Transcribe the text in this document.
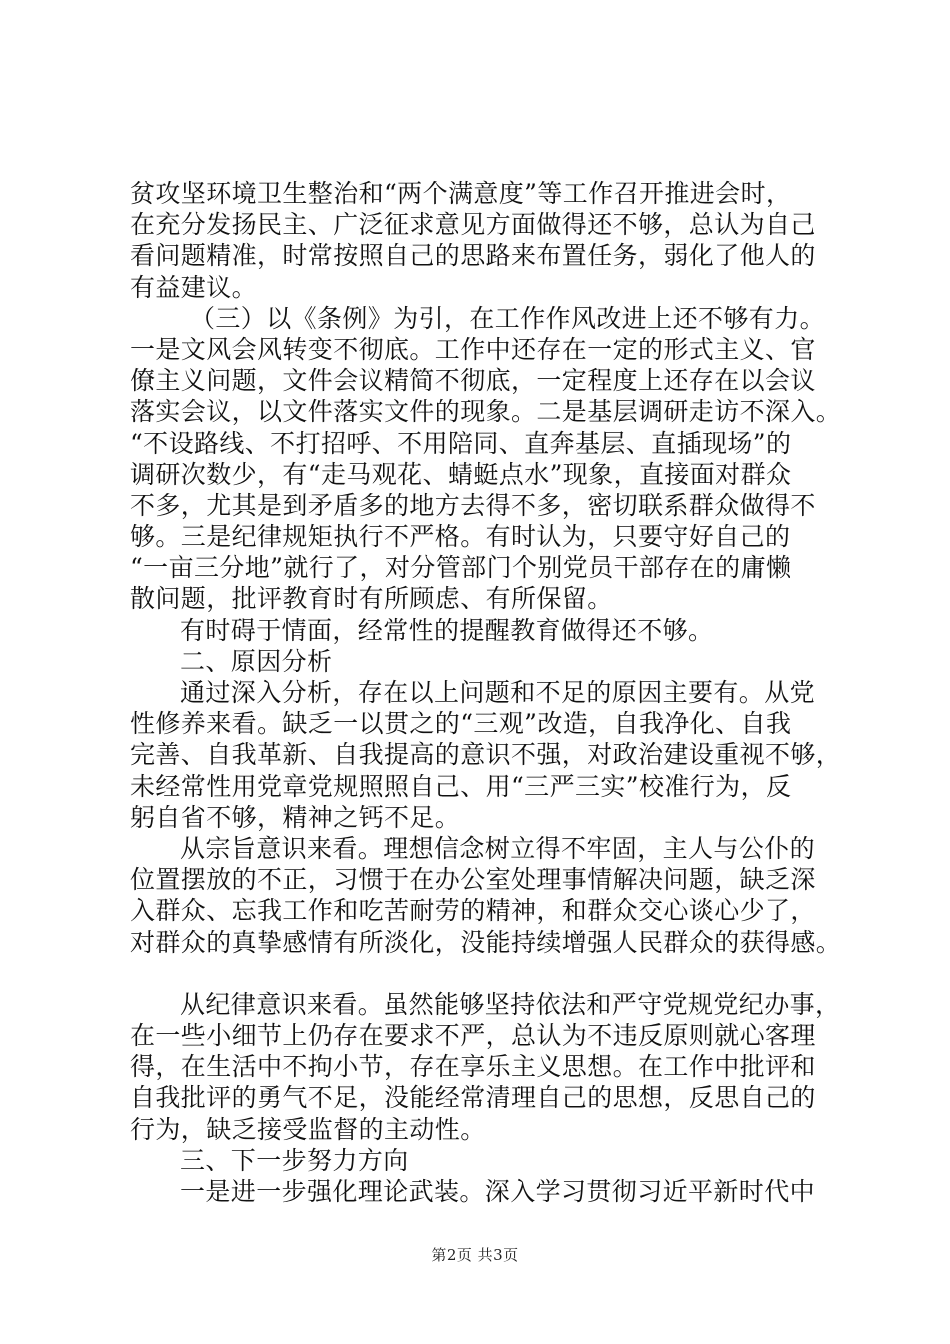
贫攻坚环境卫生整治和“两个满意度”等工作召开推进会时，
在充分发扬民主、广泛征求意见方面做得还不够，总认为自己
看问题精准，时常按照自己的思路来布置任务，弱化了他人的
有益建议。
（三）以《条例》为引，在工作作风改进上还不够有力。
一是文风会风转变不彻底。工作中还存在一定的形式主义、官
僚主义问题，文件会议精简不彻底，一定程度上还存在以会议
落实会议，以文件落实文件的现象。二是基层调研走访不深入。
“不设路线、不打招呼、不用陪同、直奔基层、直插现场”的
调研次数少，有“走马观花、蜻蜓点水”现象，直接面对群众
不多，尤其是到矛盾多的地方去得不多，密切联系群众做得不
够。三是纪律规矩执行不严格。有时认为，只要守好自己的
“一亩三分地”就行了，对分管部门个别党员干部存在的庸懒
散问题，批评教育时有所顾虑、有所保留。
有时碍于情面，经常性的提醒教育做得还不够。
二、原因分析
通过深入分析，存在以上问题和不足的原因主要有。从党
性修养来看。缺乏一以贯之的“三观”改造，自我净化、自我
完善、自我革新、自我提高的意识不强，对政治建设重视不够，
未经常性用党章党规照照自己、用“三严三实”校准行为，反
躬自省不够，精神之钙不足。
从宗旨意识来看。理想信念树立得不牢固，主人与公仆的
位置摆放的不正，习惯于在办公室处理事情解决问题，缺乏深
入群众、忘我工作和吃苦耐劳的精神，和群众交心谈心少了，
对群众的真挚感情有所淡化，没能持续增强人民群众的获得感。
从纪律意识来看。虽然能够坚持依法和严守党规党纪办事，
在一些小细节上仍存在要求不严，总认为不违反原则就心客理
得，在生活中不拘小节，存在享乐主义思想。在工作中批评和
自我批评的勇气不足，没能经常清理自己的思想，反思自己的
行为，缺乏接受监督的主动性。
三、下一步努力方向
一是进一步强化理论武装。深入学习贯彻习近平新时代中
第2页 共3页
